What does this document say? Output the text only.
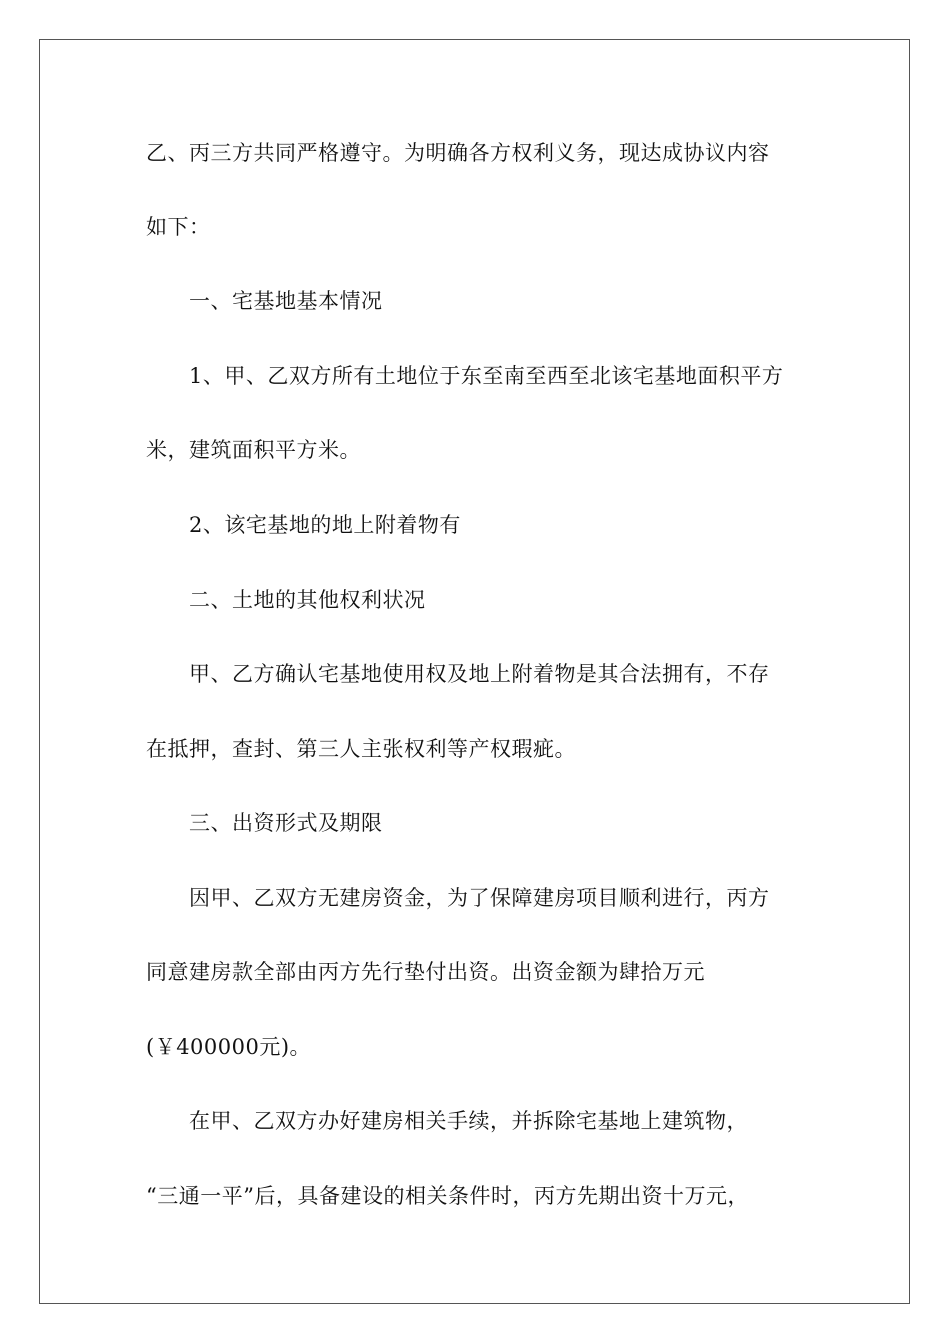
乙、丙三方共同严格遵守。为明确各方权利义务，现达成协议内容
如下：
一、宅基地基本情况
1、甲、乙双方所有土地位于东至南至西至北该宅基地面积平方
米，建筑面积平方米。
2、该宅基地的地上附着物有
二、土地的其他权利状况
甲、乙方确认宅基地使用权及地上附着物是其合法拥有，不存
在抵押，查封、第三人主张权利等产权瑕疵。
三、出资形式及期限
因甲、乙双方无建房资金，为了保障建房项目顺利进行，丙方
同意建房款全部由丙方先行垫付出资。出资金额为肆拾万元
(￥400000元)。
在甲、乙双方办好建房相关手续，并拆除宅基地上建筑物，
“三通一平”后，具备建设的相关条件时，丙方先期出资十万元，
